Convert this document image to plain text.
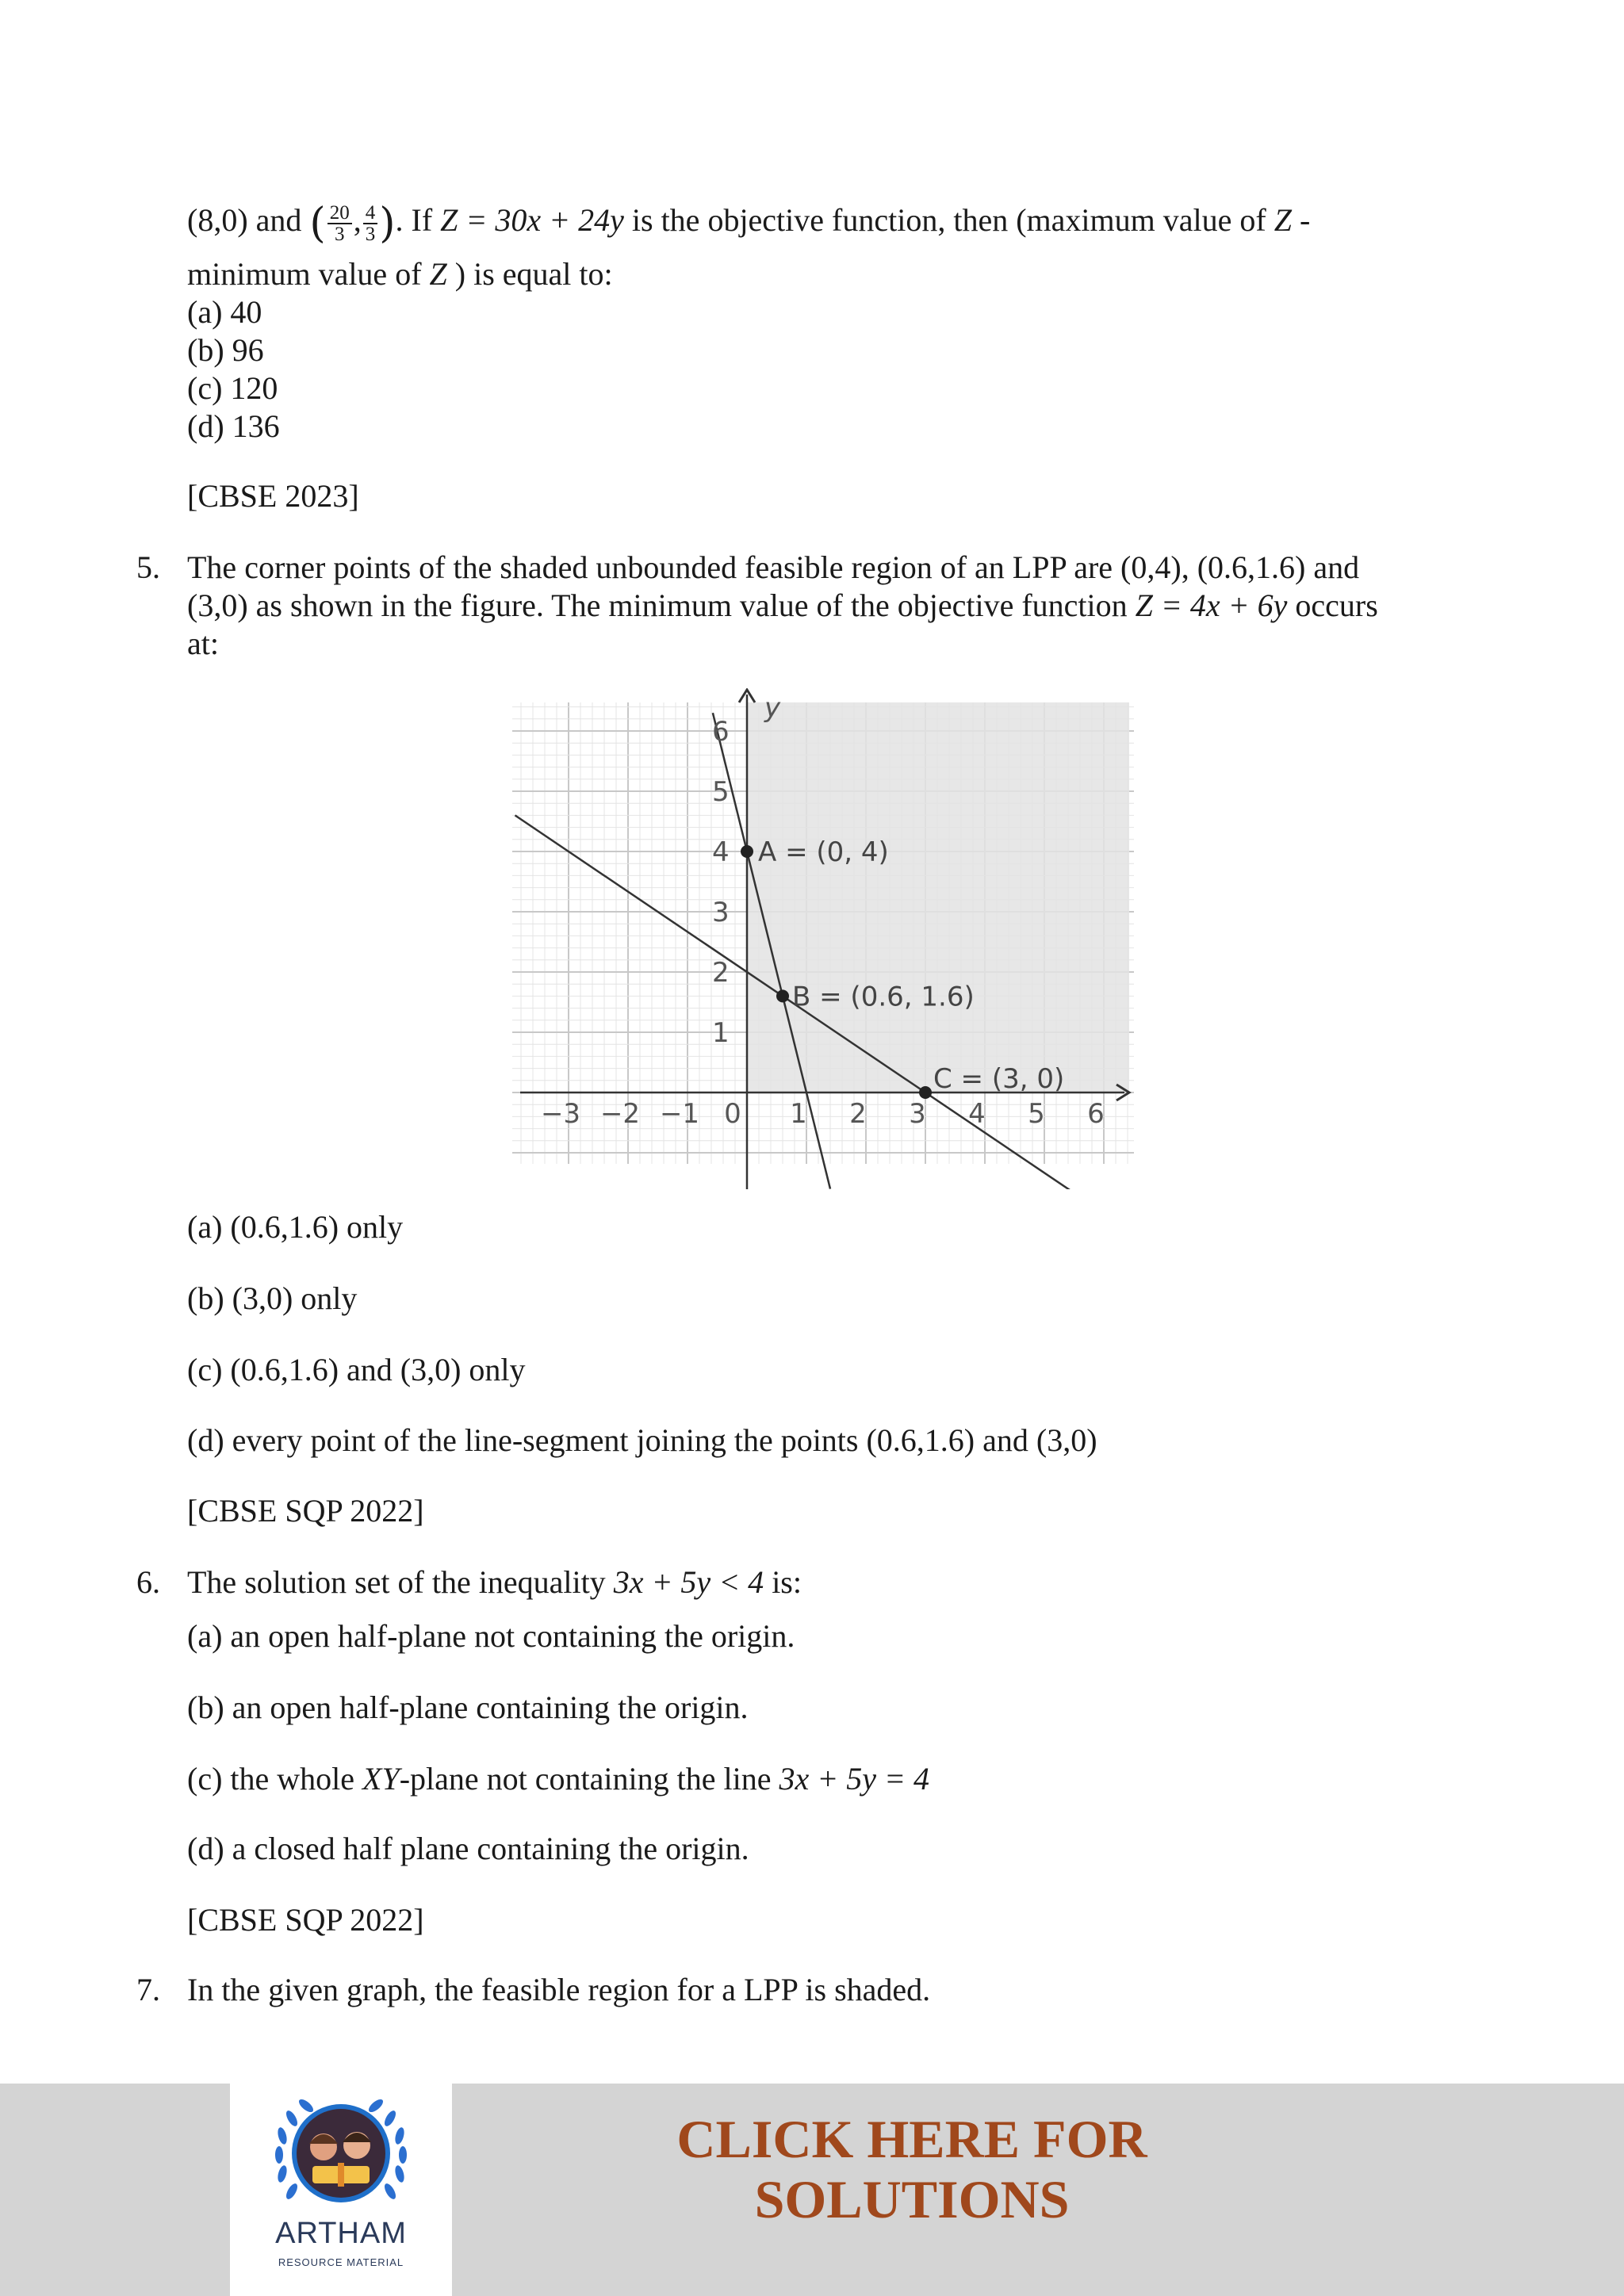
(8,0) and ( $\frac{20}{3}$ , $\frac{4}{3}$ ). If Z = 30x + 24y is the objective function, then (maximum value of Z -
minimum value of Z ) is equal to:
(a) 40
(b) 96
(c) 120
(d) 136
[CBSE 2023]
5. The corner points of the shaded unbounded feasible region of an LPP are (0,4), (0.6,1.6) and
(3,0) as shown in the figure. The minimum value of the objective function Z = 4x + 6y occurs
at:
y
−3 −2 −1 0 1 2 3 4 5 6
1
2
3
4
5
6
A = (0, 4)
B = (0.6, 1.6)
C = (3, 0)
(a) (0.6,1.6) only
(b) (3,0) only
(c) (0.6,1.6) and (3,0) only
(d) every point of the line-segment joining the points (0.6,1.6) and (3,0)
[CBSE SQP 2022]
6. The solution set of the inequality 3x + 5y < 4 is:
(a) an open half-plane not containing the origin.
(b) an open half-plane containing the origin.
(c) the whole XY-plane not containing the line 3x + 5y = 4
(d) a closed half plane containing the origin.
[CBSE SQP 2022]
7. In the given graph, the feasible region for a LPP is shaded.
ARTHAM
RESOURCE MATERIAL
CLICK HERE FOR
SOLUTIONS
